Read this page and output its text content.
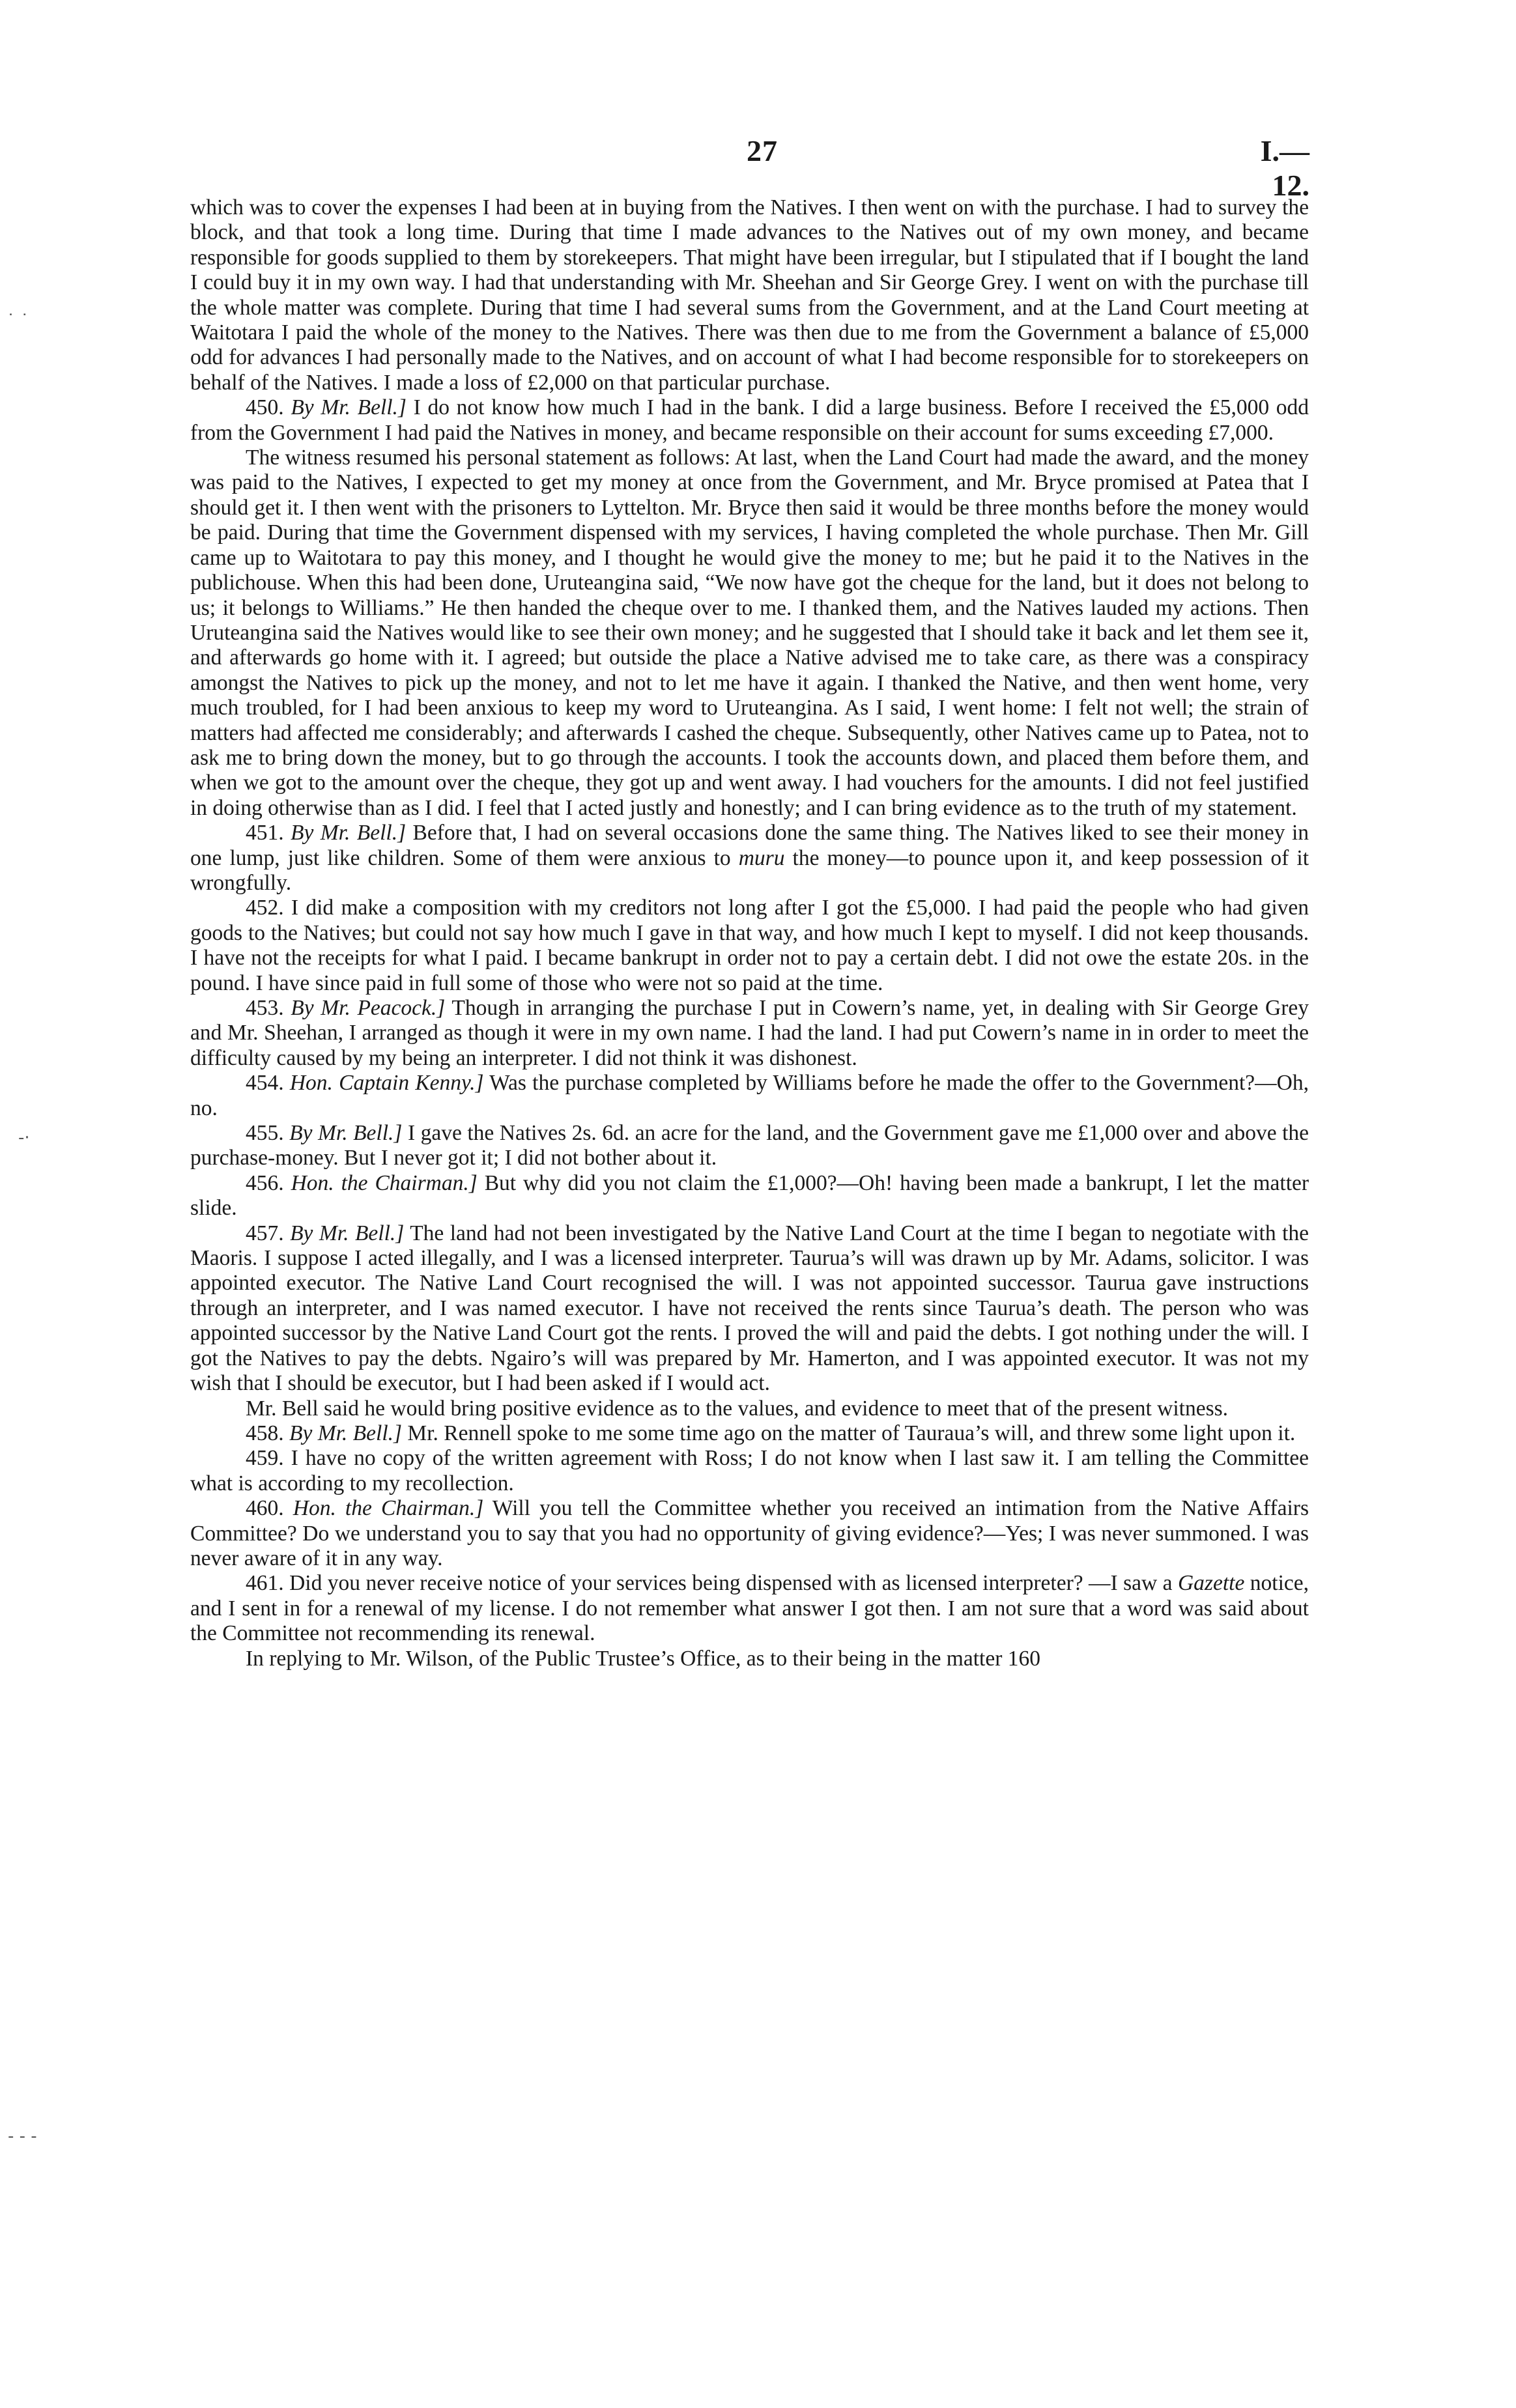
27	I.—12.
˙ ˙
-·
- - -

which was to cover the expenses I had been at in buying from the Natives. I then went on with the purchase. I had to survey the block, and that took a long time. During that time I made advances to the Natives out of my own money, and became responsible for goods supplied to them by storekeepers. That might have been irregular, but I stipulated that if I bought the land I could buy it in my own way. I had that understanding with Mr. Sheehan and Sir George Grey. I went on with the purchase till the whole matter was complete. During that time I had several sums from the Government, and at the Land Court meeting at Waitotara I paid the whole of the money to the Natives. There was then due to me from the Government a balance of £5,000 odd for advances I had personally made to the Natives, and on account of what I had become responsible for to storekeepers on behalf of the Natives. I made a loss of £2,000 on that particular purchase.

450. By Mr. Bell.] I do not know how much I had in the bank. I did a large business. Before I received the £5,000 odd from the Government I had paid the Natives in money, and became responsible on their account for sums exceeding £7,000.

The witness resumed his personal statement as follows: At last, when the Land Court had made the award, and the money was paid to the Natives, I expected to get my money at once from the Government, and Mr. Bryce promised at Patea that I should get it. I then went with the prisoners to Lyttelton. Mr. Bryce then said it would be three months before the money would be paid. During that time the Government dispensed with my services, I having completed the whole purchase. Then Mr. Gill came up to Waitotara to pay this money, and I thought he would give the money to me; but he paid it to the Natives in the publichouse. When this had been done, Uruteangina said, “We now have got the cheque for the land, but it does not belong to us; it belongs to Williams.” He then handed the cheque over to me. I thanked them, and the Natives lauded my actions. Then Uruteangina said the Natives would like to see their own money; and he suggested that I should take it back and let them see it, and afterwards go home with it. I agreed; but outside the place a Native advised me to take care, as there was a conspiracy amongst the Natives to pick up the money, and not to let me have it again. I thanked the Native, and then went home, very much troubled, for I had been anxious to keep my word to Uruteangina. As I said, I went home: I felt not well; the strain of matters had affected me considerably; and afterwards I cashed the cheque. Subsequently, other Natives came up to Patea, not to ask me to bring down the money, but to go through the accounts. I took the accounts down, and placed them before them, and when we got to the amount over the cheque, they got up and went away. I had vouchers for the amounts. I did not feel justified in doing otherwise than as I did. I feel that I acted justly and honestly; and I can bring evidence as to the truth of my statement.

451. By Mr. Bell.] Before that, I had on several occasions done the same thing. The Natives liked to see their money in one lump, just like children. Some of them were anxious to muru the money—to pounce upon it, and keep possession of it wrongfully.

452. I did make a composition with my creditors not long after I got the £5,000. I had paid the people who had given goods to the Natives; but could not say how much I gave in that way, and how much I kept to myself. I did not keep thousands. I have not the receipts for what I paid. I became bankrupt in order not to pay a certain debt. I did not owe the estate 20s. in the pound. I have since paid in full some of those who were not so paid at the time.

453. By Mr. Peacock.] Though in arranging the purchase I put in Cowern’s name, yet, in dealing with Sir George Grey and Mr. Sheehan, I arranged as though it were in my own name. I had the land. I had put Cowern’s name in in order to meet the difficulty caused by my being an interpreter. I did not think it was dishonest.

454. Hon. Captain Kenny.] Was the purchase completed by Williams before he made the offer to the Government?—Oh, no.

455. By Mr. Bell.] I gave the Natives 2s. 6d. an acre for the land, and the Government gave me £1,000 over and above the purchase-money. But I never got it; I did not bother about it.

456. Hon. the Chairman.] But why did you not claim the £1,000?—Oh! having been made a bankrupt, I let the matter slide.

457. By Mr. Bell.] The land had not been investigated by the Native Land Court at the time I began to negotiate with the Maoris. I suppose I acted illegally, and I was a licensed interpreter. Taurua’s will was drawn up by Mr. Adams, solicitor. I was appointed executor. The Native Land Court recognised the will. I was not appointed successor. Taurua gave instructions through an interpreter, and I was named executor. I have not received the rents since Taurua’s death. The person who was appointed successor by the Native Land Court got the rents. I proved the will and paid the debts. I got nothing under the will. I got the Natives to pay the debts. Ngairo’s will was prepared by Mr. Hamerton, and I was appointed executor. It was not my wish that I should be executor, but I had been asked if I would act.

Mr. Bell said he would bring positive evidence as to the values, and evidence to meet that of the present witness.

458. By Mr. Bell.] Mr. Rennell spoke to me some time ago on the matter of Tauraua’s will, and threw some light upon it.

459. I have no copy of the written agreement with Ross; I do not know when I last saw it. I am telling the Committee what is according to my recollection.

460. Hon. the Chairman.] Will you tell the Committee whether you received an intimation from the Native Affairs Committee? Do we understand you to say that you had no opportunity of giving evidence?—Yes; I was never summoned. I was never aware of it in any way.

461. Did you never receive notice of your services being dispensed with as licensed interpreter? —I saw a Gazette notice, and I sent in for a renewal of my license. I do not remember what answer I got then. I am not sure that a word was said about the Committee not recommending its renewal.

In replying to Mr. Wilson, of the Public Trustee’s Office, as to their being in the matter 160
